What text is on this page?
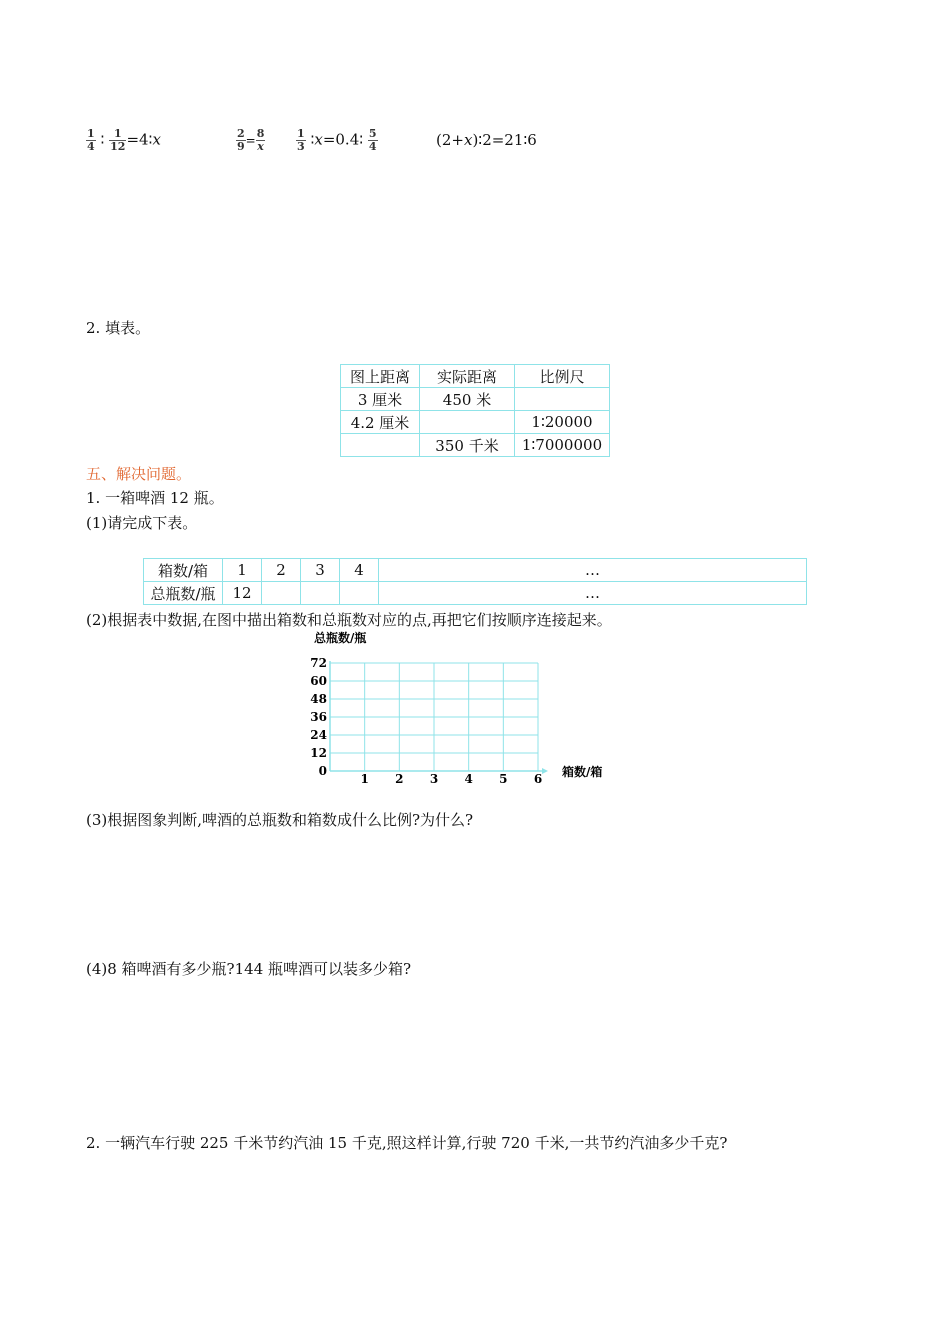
$\frac{1}{4}$ ∶ $\frac{1}{12}$ =4∶x	$\frac{2}{9} = \frac{8}{x}$	$\frac{1}{3}$ ∶x=0.4∶ $\frac{5}{4}$	(2+x)∶2=21∶6
2. 填表。
图上距离	实际距离	比例尺
3 厘米	450 米	
4.2 厘米		1∶20000
	350 千米	1∶7000000
五、解决问题。
1. 一箱啤酒 12 瓶。
(1)请完成下表。
箱数/箱	1	2	3	4	…
总瓶数/瓶	12				…
(2)根据表中数据,在图中描出箱数和总瓶数对应的点,再把它们按顺序连接起来。
0
12
24
36
48
60
72
1 2 3 4 5 6
总瓶数/瓶
箱数/箱
(3)根据图象判断,啤酒的总瓶数和箱数成什么比例?为什么?
(4)8 箱啤酒有多少瓶?144 瓶啤酒可以装多少箱?
2. 一辆汽车行驶 225 千米节约汽油 15 千克,照这样计算,行驶 720 千米,一共节约汽油多少千克?
